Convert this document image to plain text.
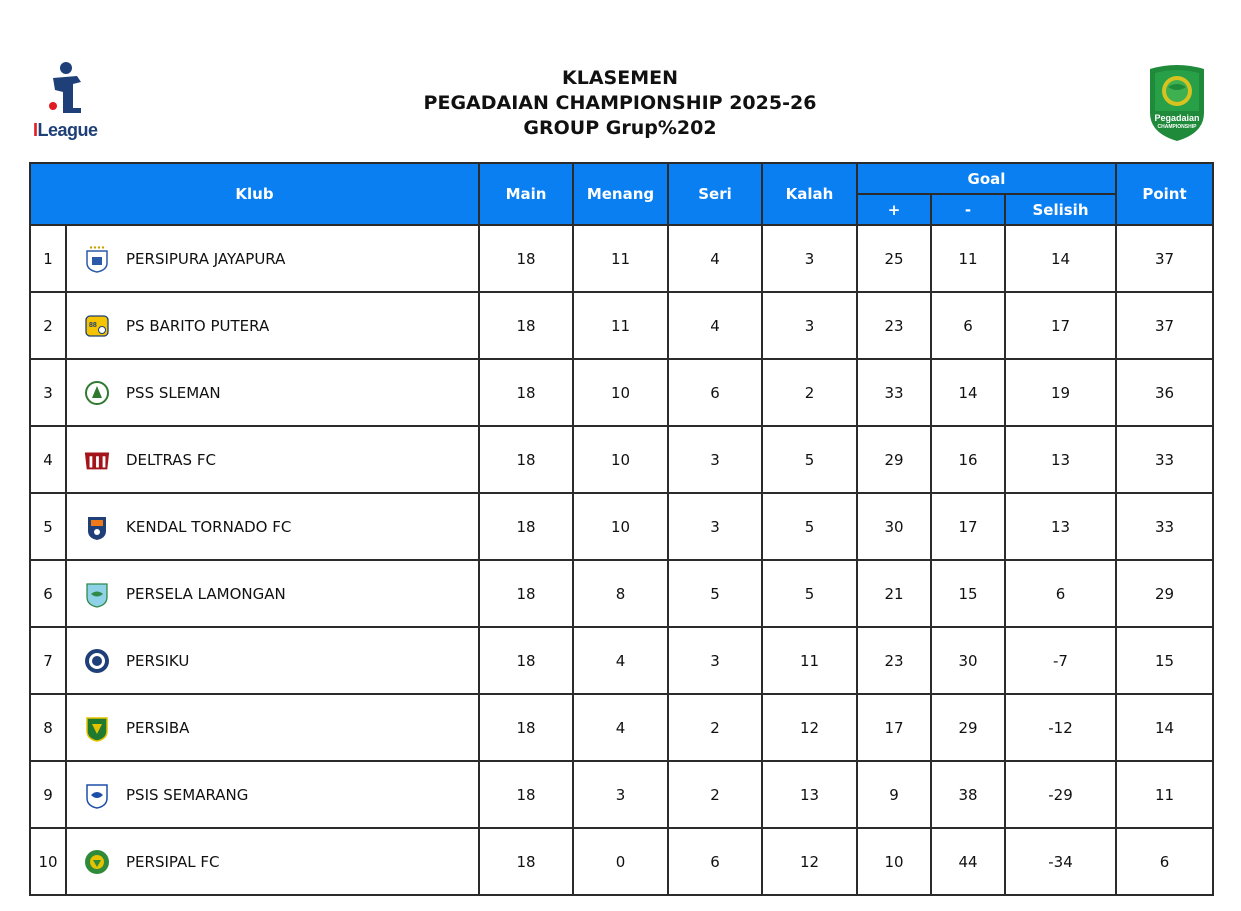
ILeague
KLASEMEN
PEGADAIAN CHAMPIONSHIP 2025-26
GROUP Grup%202	Pegadaian
CHAMPIONSHIP
Klub		Main	Menang	Seri	Kalah	Goal			Point
						+	-	Selisih	
1	PERSIPURA JAYAPURA	18	11	4	3	25	11	14	37
2	88 PS BARITO PUTERA	18	11	4	3	23	6	17	37
3	PSS SLEMAN	18	10	6	2	33	14	19	36
4	DELTRAS FC	18	10	3	5	29	16	13	33
5	KENDAL TORNADO FC	18	10	3	5	30	17	13	33
6	PERSELA LAMONGAN	18	8	5	5	21	15	6	29
7	PERSIKU	18	4	3	11	23	30	-7	15
8	PERSIBA	18	4	2	12	17	29	-12	14
9	PSIS SEMARANG	18	3	2	13	9	38	-29	11
10	PERSIPAL FC	18	0	6	12	10	44	-34	6
